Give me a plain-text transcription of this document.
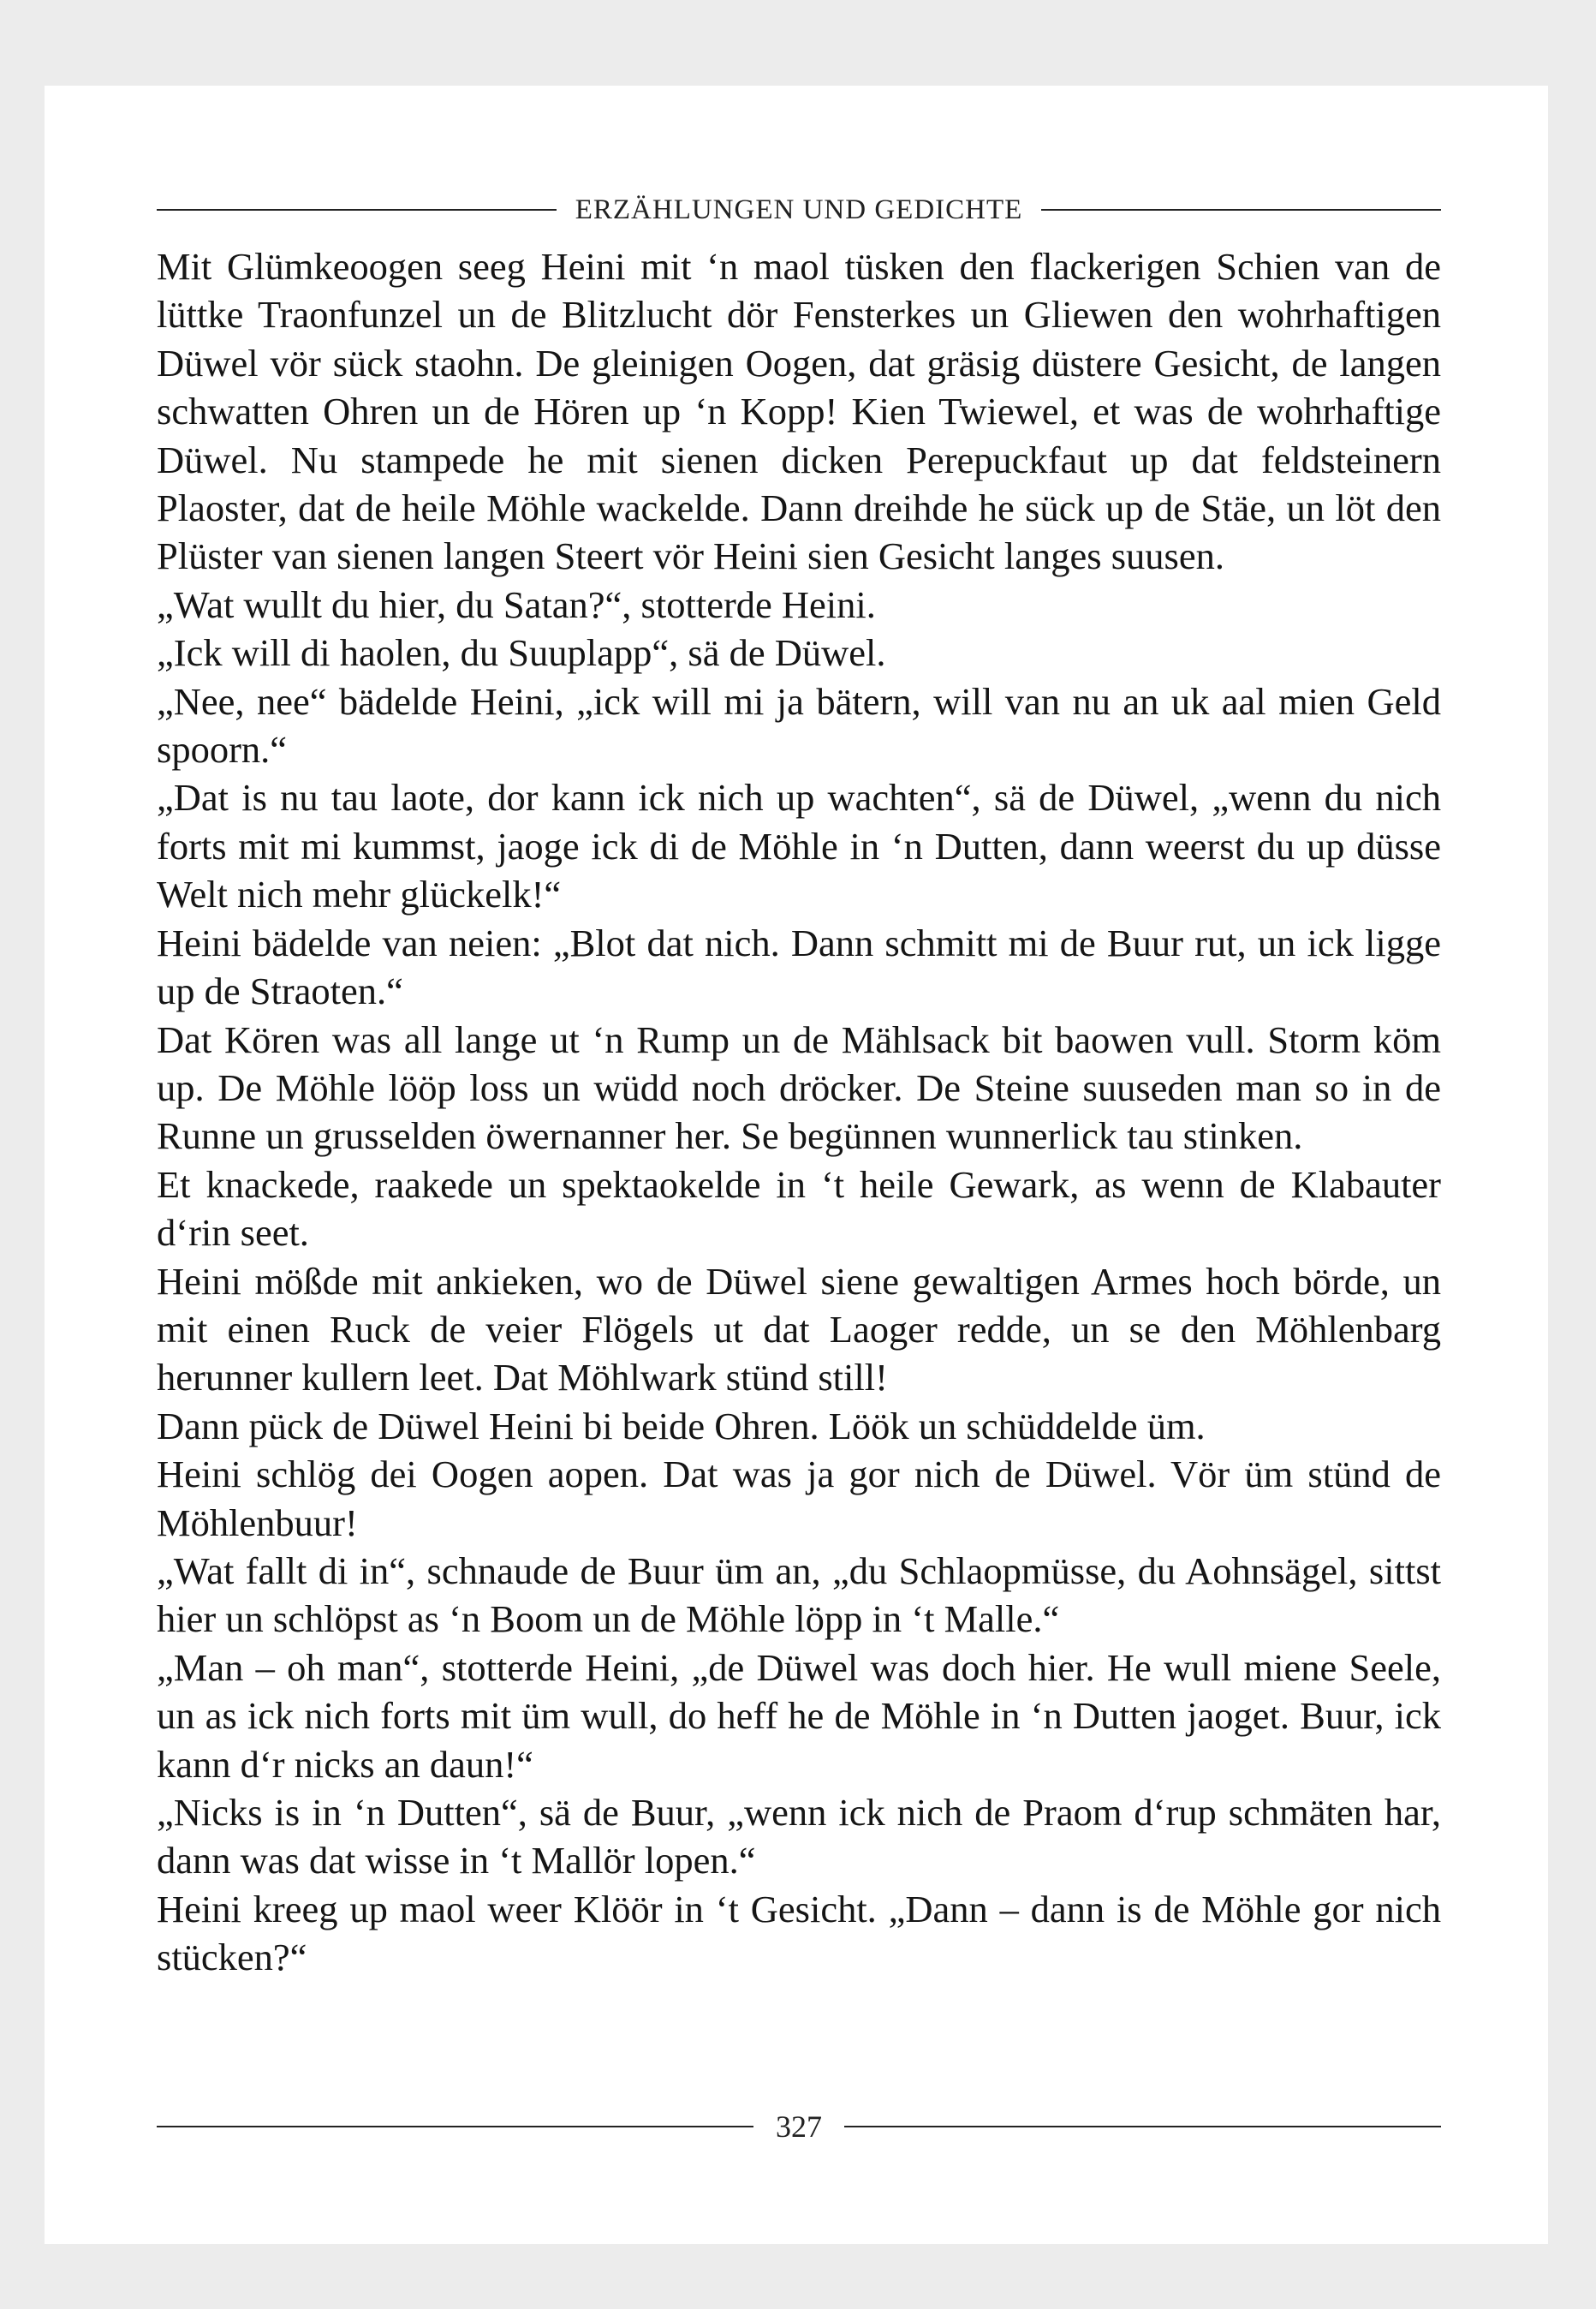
ERZÄHLUNGEN UND GEDICHTE

Mit Glümkeoogen seeg Heini mit ‘n maol tüsken den flackerigen Schien van de lüttke Traonfunzel un de Blitzlucht dör Fensterkes un Gliewen den wohrhaftigen Düwel vör sück staohn. De gleinigen Oogen, dat gräsig düstere Gesicht, de langen schwatten Ohren un de Hören up ‘n Kopp! Kien Twiewel, et was de wohrhaftige Düwel. Nu stampede he mit sienen dicken Perepuckfaut up dat feldsteinern Plaoster, dat de heile Möhle wackelde. Dann dreihde he sück up de Stäe, un löt den Plüster van sienen langen Steert vör Heini sien Gesicht langes suusen.

„Wat wullt du hier, du Satan?“, stotterde Heini.

„Ick will di haolen, du Suuplapp“, sä de Düwel.

„Nee, nee“ bädelde Heini, „ick will mi ja bätern, will van nu an uk aal mien Geld spoorn.“

„Dat is nu tau laote, dor kann ick nich up wachten“, sä de Düwel, „wenn du nich forts mit mi kummst, jaoge ick di de Möhle in ‘n Dutten, dann weerst du up düsse Welt nich mehr glückelk!“

Heini bädelde van neien: „Blot dat nich. Dann schmitt mi de Buur rut, un ick ligge up de Straoten.“

Dat Kören was all lange ut ‘n Rump un de Mählsack bit baowen vull. Storm köm up. De Möhle lööp loss un wüdd noch dröcker. De Steine suuseden man so in de Runne un grusselden öwernanner her. Se begünnen wunnerlick tau stinken.

Et knackede, raakede un spektaokelde in ‘t heile Gewark, as wenn de Klabauter d‘rin seet.

Heini mößde mit ankieken, wo de Düwel siene gewaltigen Armes hoch börde, un mit einen Ruck de veier Flögels ut dat Laoger redde, un se den Möhlenbarg herunner kullern leet. Dat Möhlwark stünd still!

Dann pück de Düwel Heini bi beide Ohren. Löök un schüddelde üm.

Heini schlög dei Oogen aopen. Dat was ja gor nich de Düwel. Vör üm stünd de Möhlenbuur!

„Wat fallt di in“, schnaude de Buur üm an, „du Schlaopmüsse, du Aohnsägel, sittst hier un schlöpst as ‘n Boom un de Möhle löpp in ‘t Malle.“

„Man – oh man“, stotterde Heini, „de Düwel was doch hier. He wull miene Seele, un as ick nich forts mit üm wull, do heff he de Möhle in ‘n Dutten jaoget. Buur, ick kann d‘r nicks an daun!“

„Nicks is in ‘n Dutten“, sä de Buur, „wenn ick nich de Praom d‘rup schmäten har, dann was dat wisse in ‘t Mallör lopen.“

Heini kreeg up maol weer Klöör in ‘t Gesicht. „Dann – dann is de Möhle gor nich stücken?“

327
